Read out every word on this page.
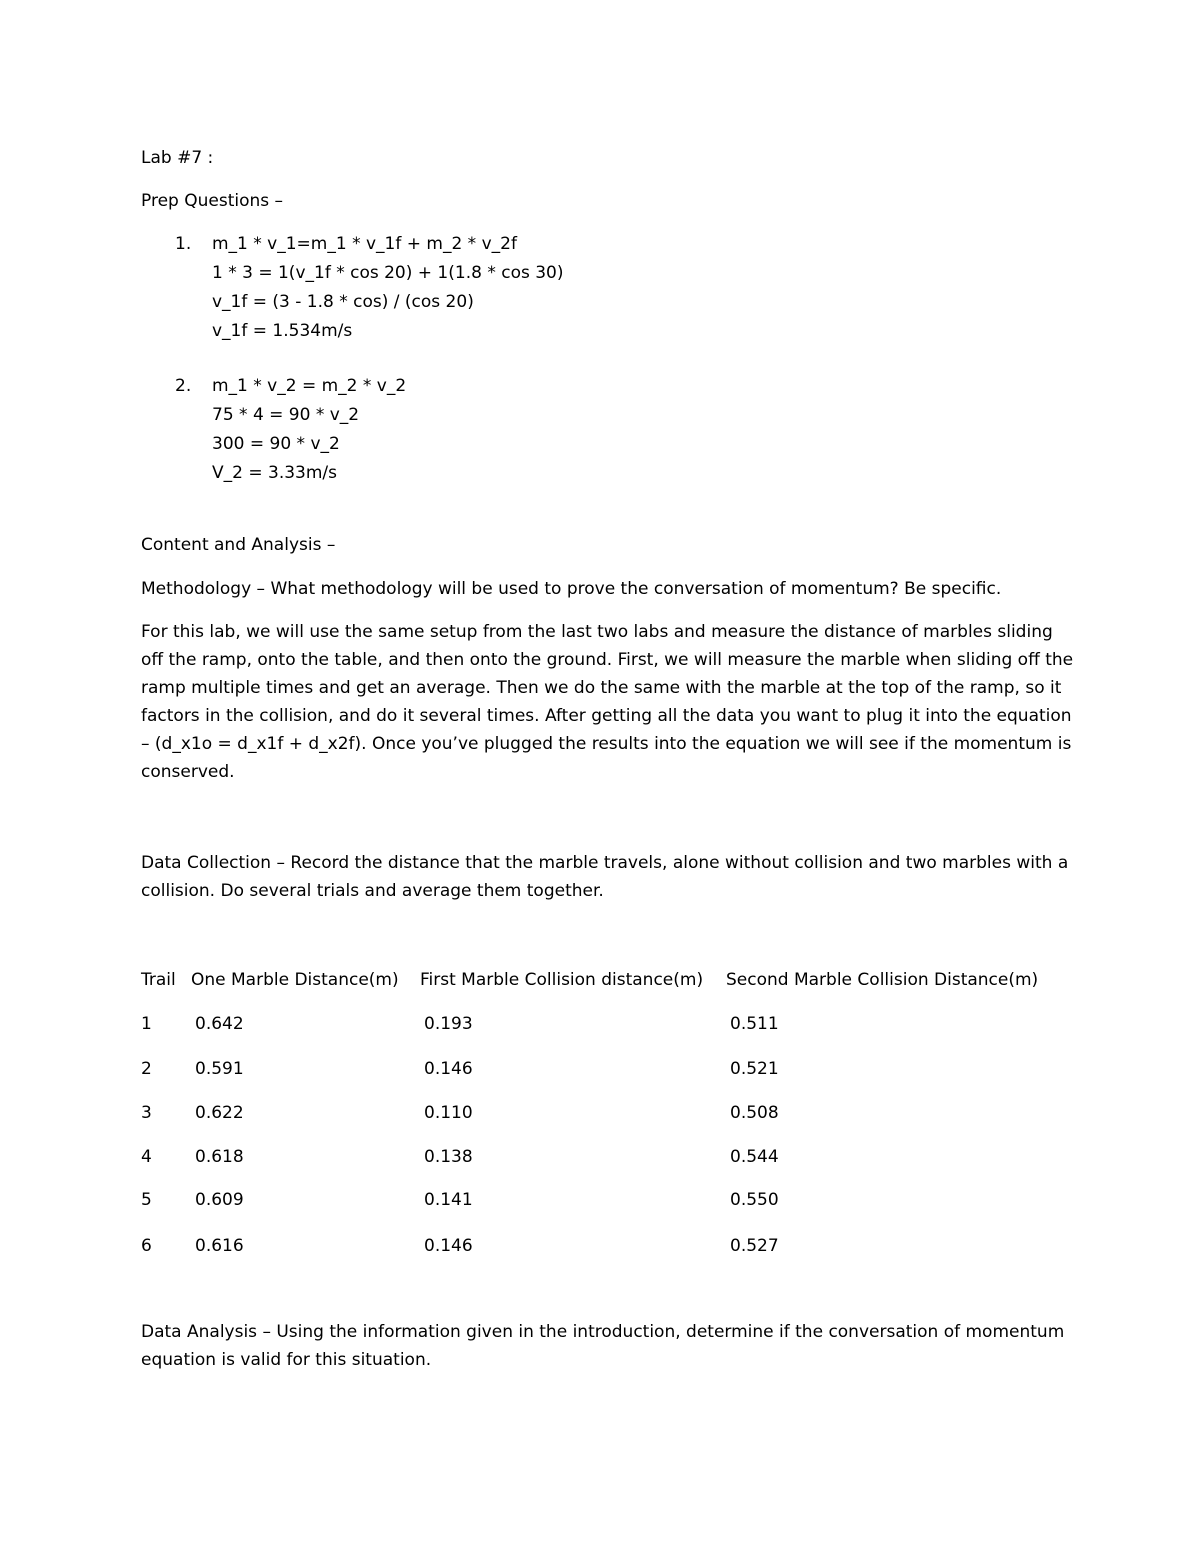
Lab #7 :
Prep Questions –
1. m_1 * v_1=m_1 * v_1f + m_2 * v_2f
1 * 3 = 1(v_1f * cos 20) + 1(1.8 * cos 30)
v_1f = (3 - 1.8 * cos) / (cos 20)
v_1f = 1.534m/s
2. m_1 * v_2 = m_2 * v_2
75 * 4 = 90 * v_2
300 = 90 * v_2
V_2 = 3.33m/s
Content and Analysis –
Methodology – What methodology will be used to prove the conversation of momentum? Be specific.
For this lab, we will use the same setup from the last two labs and measure the distance of marbles sliding off the ramp, onto the table, and then onto the ground. First, we will measure the marble when sliding off the ramp multiple times and get an average. Then we do the same with the marble at the top of the ramp, so it factors in the collision, and do it several times. After getting all the data you want to plug it into the equation – (d_x1o = d_x1f + d_x2f). Once you’ve plugged the results into the equation we will see if the momentum is conserved.
Data Collection – Record the distance that the marble travels, alone without collision and two marbles with a collision. Do several trials and average them together.
Trail One Marble Distance(m) First Marble Collision distance(m) Second Marble Collision Distance(m)
1	0.642	0.193	0.511
2	0.591	0.146	0.521
3	0.622	0.110	0.508
4	0.618	0.138	0.544
5	0.609	0.141	0.550
6	0.616	0.146	0.527
Data Analysis – Using the information given in the introduction, determine if the conversation of momentum equation is valid for this situation.
